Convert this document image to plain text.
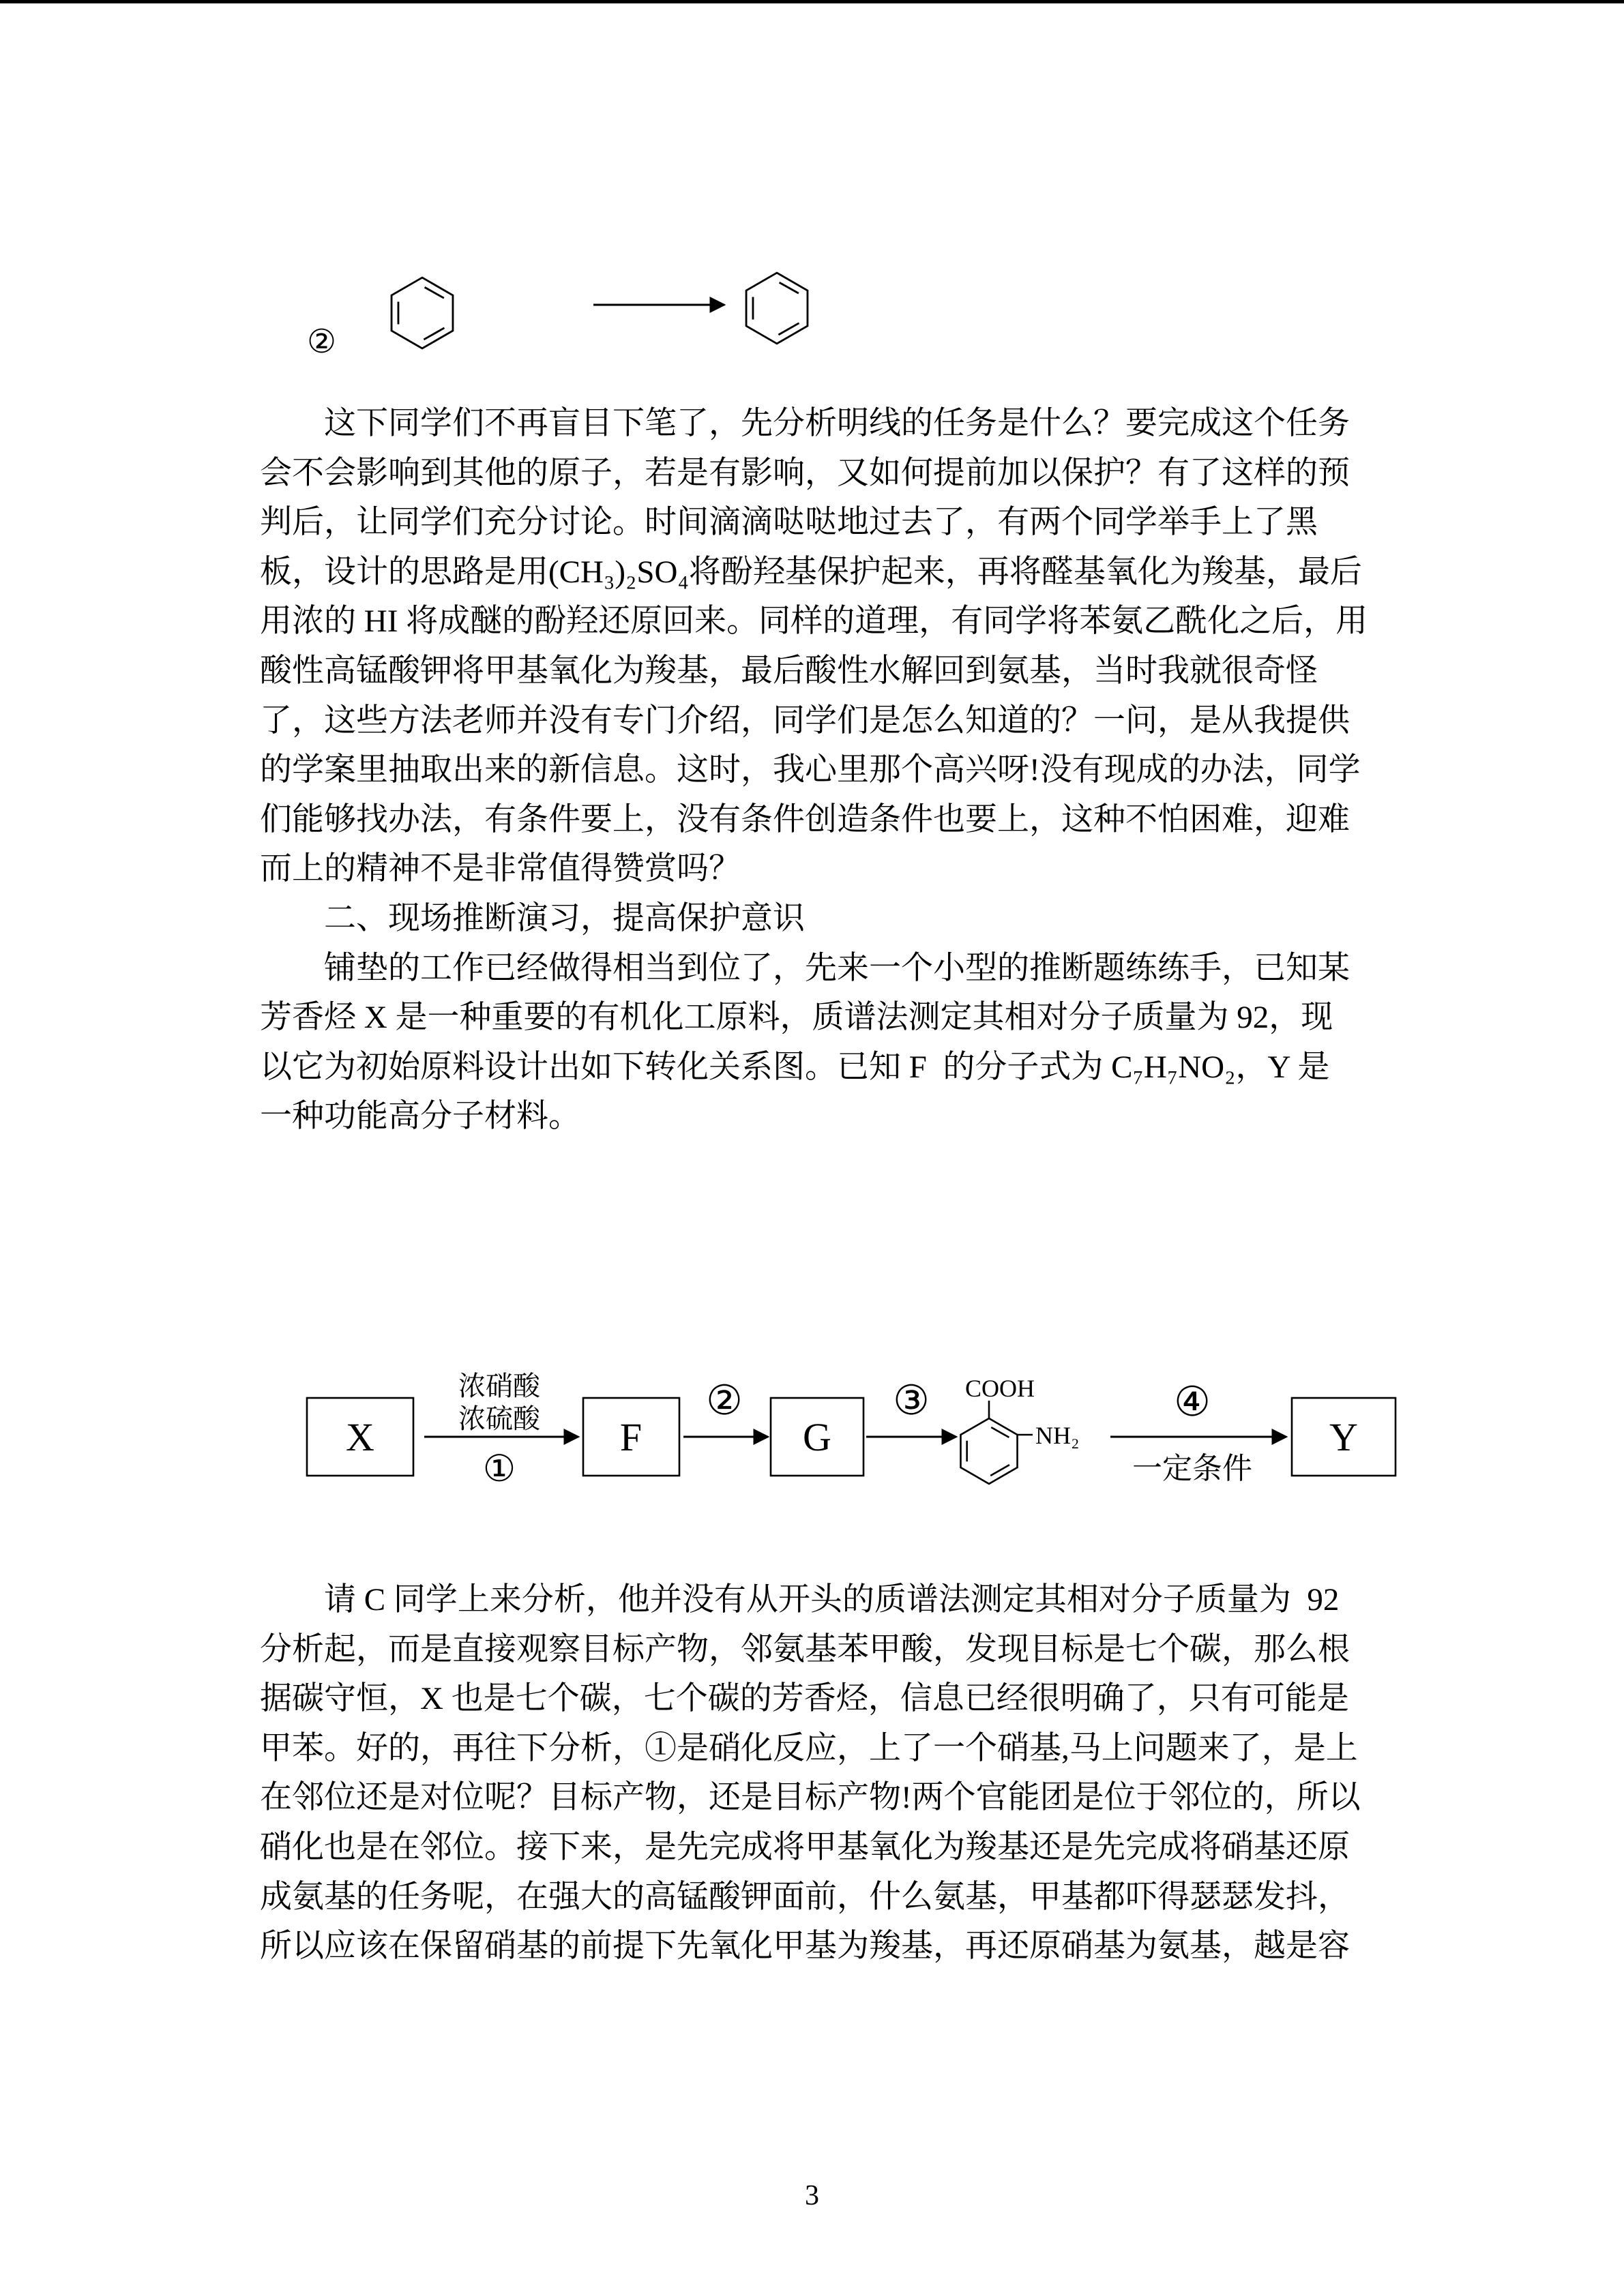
②
这下同学们不再盲目下笔了，先分析明线的任务是什么？要完成这个任务
会不会影响到其他的原子，若是有影响，又如何提前加以保护？有了这样的预
判后，让同学们充分讨论。时间滴滴哒哒地过去了，有两个同学举手上了黑
板，设计的思路是用(CH₃)₂SO₄将酚羟基保护起来，再将醛基氧化为羧基，最后
用浓的 HI 将成醚的酚羟还原回来。同样的道理，有同学将苯氨乙酰化之后，用
酸性高锰酸钾将甲基氧化为羧基，最后酸性水解回到氨基，当时我就很奇怪
了，这些方法老师并没有专门介绍，同学们是怎么知道的？一问，是从我提供
的学案里抽取出来的新信息。这时，我心里那个高兴呀!没有现成的办法，同学
们能够找办法，有条件要上，没有条件创造条件也要上，这种不怕困难，迎难
而上的精神不是非常值得赞赏吗？
二、现场推断演习，提高保护意识
铺垫的工作已经做得相当到位了，先来一个小型的推断题练练手，已知某
芳香烃 X 是一种重要的有机化工原料，质谱法测定其相对分子质量为 92，现
以它为初始原料设计出如下转化关系图。已知 F  的分子式为 C₇H₇NO₂，Y 是
一种功能高分子材料。
X
浓硝酸
浓硫酸
①
F
②
G
③ COOH
NH₂
④
一定条件
Y
请 C 同学上来分析，他并没有从开头的质谱法测定其相对分子质量为  92
分析起，而是直接观察目标产物，邻氨基苯甲酸，发现目标是七个碳，那么根
据碳守恒，X 也是七个碳，七个碳的芳香烃，信息已经很明确了，只有可能是
甲苯。好的，再往下分析，①是硝化反应，上了一个硝基,马上问题来了，是上
在邻位还是对位呢？目标产物，还是目标产物!两个官能团是位于邻位的，所以
硝化也是在邻位。接下来，是先完成将甲基氧化为羧基还是先完成将硝基还原
成氨基的任务呢，在强大的高锰酸钾面前，什么氨基，甲基都吓得瑟瑟发抖，
所以应该在保留硝基的前提下先氧化甲基为羧基，再还原硝基为氨基，越是容
3
